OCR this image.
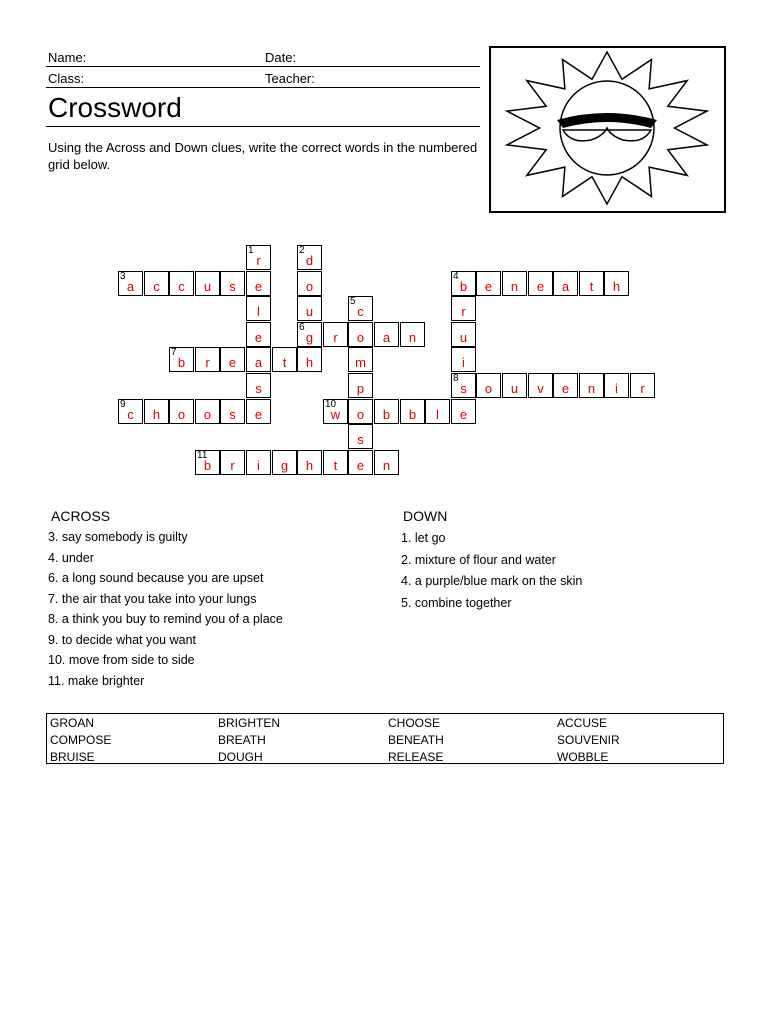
Name:	Date:
Class:	Teacher:
Crossword
Using the Across and Down clues, write the correct words in the numbered grid below.
1
r
2
d
3
a	c	c	u	s	e	o
4
b	e	n	e	a	t	h
l	u
5
c	r
e
6
g	r	o	a	n	u
7
b	r	e	a	t	h	m	i
s	p
8
s	o	u	v	e	n	i	r
9
c	h	o	o	s	e
10
w	o	b	b	l	e
s
11
b	r	i	g	h	t	e	n
ACROSS
3. say somebody is guilty
4. under
6. a long sound because you are upset
7. the air that you take into your lungs
8. a think you buy to remind you of a place
9. to decide what you want
10. move from side to side
11. make brighter
DOWN
1. let go
2. mixture of flour and water
4. a purple/blue mark on the skin
5. combine together
GROAN	BRIGHTEN	CHOOSE	ACCUSE
COMPOSE	BREATH	BENEATH	SOUVENIR
BRUISE	DOUGH	RELEASE	WOBBLE
